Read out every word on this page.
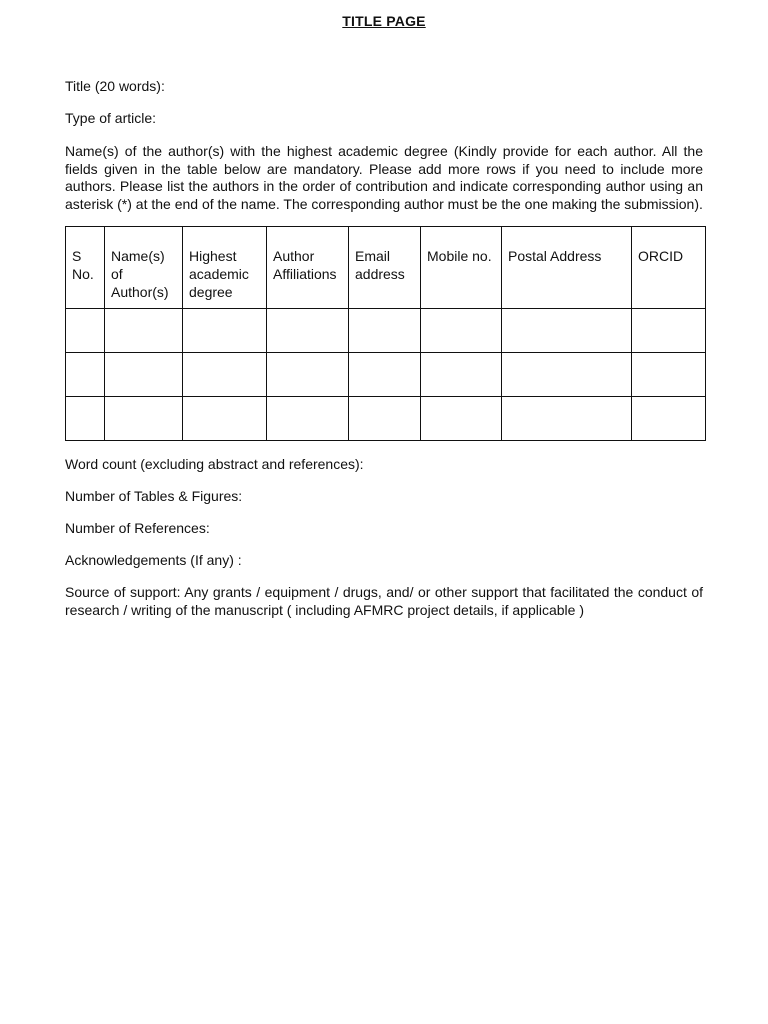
TITLE PAGE
Title (20 words):
Type of article:
Name(s) of the author(s) with the highest academic degree (Kindly provide for each author. All the fields given in the table below are mandatory. Please add more rows if you need to include more authors. Please list the authors in the order of contribution and indicate corresponding author using an asterisk (*) at the end of the name. The corresponding author must be the one making the submission).
S No.	Name(s) of Author(s)	Highest academic degree	Author Affiliations	Email address	Mobile no.	Postal Address	ORCID

Word count (excluding abstract and references):
Number of Tables & Figures:
Number of References:
Acknowledgements (If any) :
Source of support: Any grants / equipment / drugs, and/ or other support that facilitated the conduct of research / writing of the manuscript ( including AFMRC project details, if applicable )
